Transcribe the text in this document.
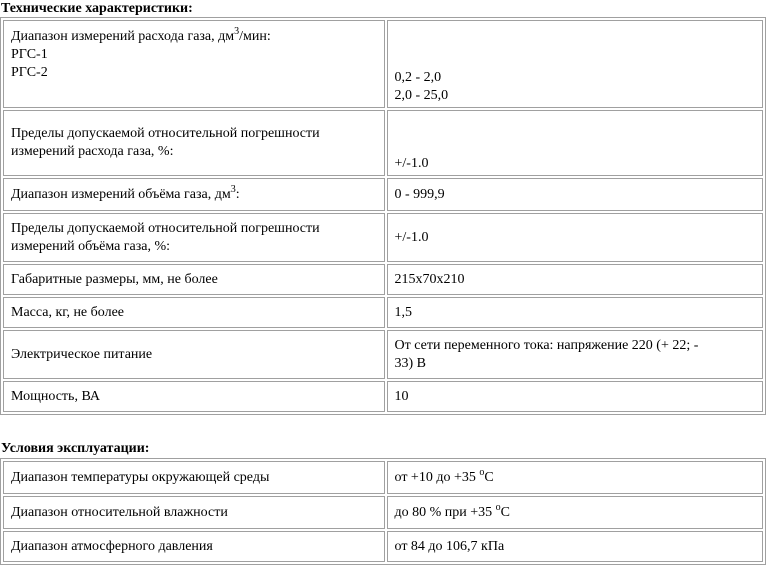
Технические характеристики:
Диапазон измерений расхода газа, $дм^3$/мин:
РГС-1
РГС-2	0,2 - 2,0
2,0 - 25,0
Пределы допускаемой относительной погрешности
измерений расхода газа, %:	+/-1.0
Диапазон измерений объёма газа, $дм^3$:	0 - 999,9
Пределы допускаемой относительной погрешности
измерений объёма газа, %:	+/-1.0
Габаритные размеры, мм, не более	215x70x210
Масса, кг, не более	1,5
Электрическое питание	От сети переменного тока: напряжение 220 (+ 22; -
33) В
Мощность, ВА	10
Условия эксплуатации:
Диапазон температуры окружающей среды	от +10 до +35 $^o$C
Диапазон относительной влажности	до 80 % при +35 $^o$C
Диапазон атмосферного давления	от 84 до 106,7 кПа
